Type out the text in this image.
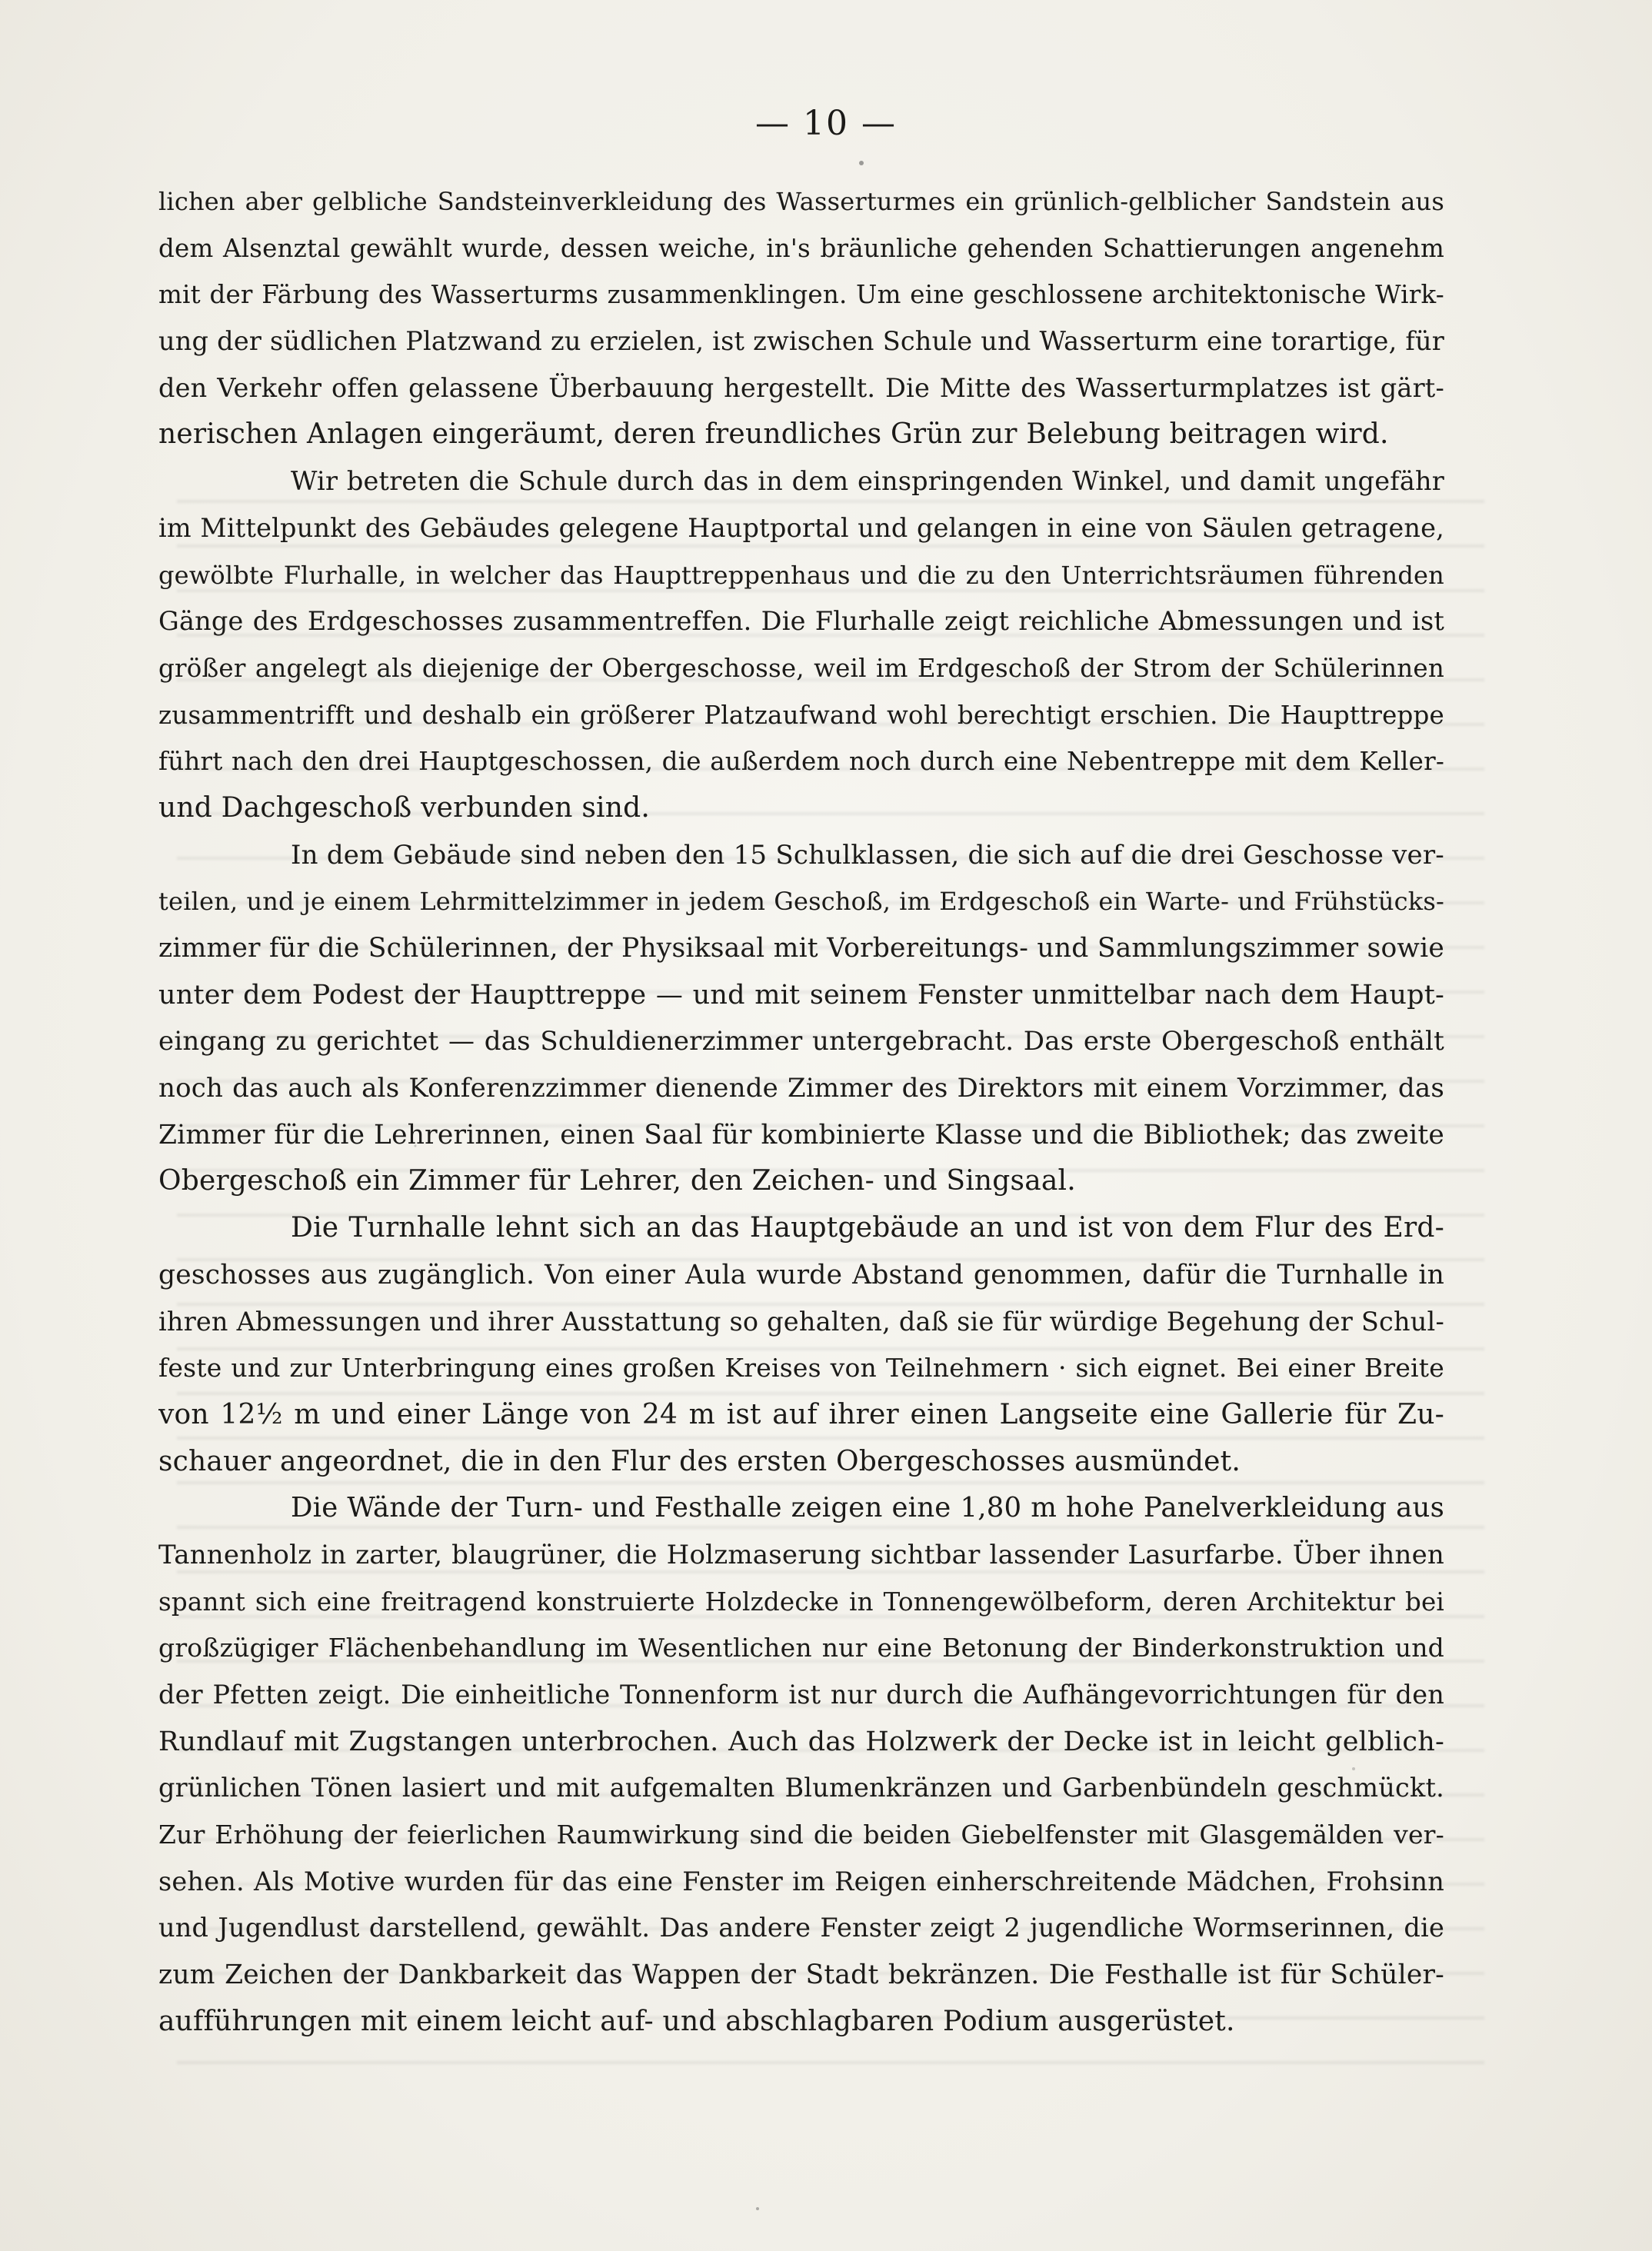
— 10 —
lichen aber gelbliche Sandsteinverkleidung des Wasserturmes ein grünlich-gelblicher Sandstein aus
dem Alsenztal gewählt wurde, dessen weiche, in's bräunliche gehenden Schattierungen angenehm
mit der Färbung des Wasserturms zusammenklingen. Um eine geschlossene architektonische Wirk-
ung der südlichen Platzwand zu erzielen, ist zwischen Schule und Wasserturm eine torartige, für
den Verkehr offen gelassene Überbauung hergestellt. Die Mitte des Wasserturmplatzes ist gärt-
nerischen Anlagen eingeräumt, deren freundliches Grün zur Belebung beitragen wird.
Wir betreten die Schule durch das in dem einspringenden Winkel, und damit ungefähr
im Mittelpunkt des Gebäudes gelegene Hauptportal und gelangen in eine von Säulen getragene,
gewölbte Flurhalle, in welcher das Haupttreppenhaus und die zu den Unterrichtsräumen führenden
Gänge des Erdgeschosses zusammentreffen. Die Flurhalle zeigt reichliche Abmessungen und ist
größer angelegt als diejenige der Obergeschosse, weil im Erdgeschoß der Strom der Schülerinnen
zusammentrifft und deshalb ein größerer Platzaufwand wohl berechtigt erschien. Die Haupttreppe
führt nach den drei Hauptgeschossen, die außerdem noch durch eine Nebentreppe mit dem Keller-
und Dachgeschoß verbunden sind.
In dem Gebäude sind neben den 15 Schulklassen, die sich auf die drei Geschosse ver-
teilen, und je einem Lehrmittelzimmer in jedem Geschoß, im Erdgeschoß ein Warte- und Frühstücks-
zimmer für die Schülerinnen, der Physiksaal mit Vorbereitungs- und Sammlungszimmer sowie
unter dem Podest der Haupttreppe — und mit seinem Fenster unmittelbar nach dem Haupt-
eingang zu gerichtet — das Schuldienerzimmer untergebracht. Das erste Obergeschoß enthält
noch das auch als Konferenzzimmer dienende Zimmer des Direktors mit einem Vorzimmer, das
Zimmer für die Lehrerinnen, einen Saal für kombinierte Klasse und die Bibliothek; das zweite
Obergeschoß ein Zimmer für Lehrer, den Zeichen- und Singsaal.
Die Turnhalle lehnt sich an das Hauptgebäude an und ist von dem Flur des Erd-
geschosses aus zugänglich. Von einer Aula wurde Abstand genommen, dafür die Turnhalle in
ihren Abmessungen und ihrer Ausstattung so gehalten, daß sie für würdige Begehung der Schul-
feste und zur Unterbringung eines großen Kreises von Teilnehmern · sich eignet. Bei einer Breite
von 12½ m und einer Länge von 24 m ist auf ihrer einen Langseite eine Gallerie für Zu-
schauer angeordnet, die in den Flur des ersten Obergeschosses ausmündet.
Die Wände der Turn- und Festhalle zeigen eine 1,80 m hohe Panelverkleidung aus
Tannenholz in zarter, blaugrüner, die Holzmaserung sichtbar lassender Lasurfarbe. Über ihnen
spannt sich eine freitragend konstruierte Holzdecke in Tonnengewölbeform, deren Architektur bei
großzügiger Flächenbehandlung im Wesentlichen nur eine Betonung der Binderkonstruktion und
der Pfetten zeigt. Die einheitliche Tonnenform ist nur durch die Aufhängevorrichtungen für den
Rundlauf mit Zugstangen unterbrochen. Auch das Holzwerk der Decke ist in leicht gelblich-
grünlichen Tönen lasiert und mit aufgemalten Blumenkränzen und Garbenbündeln geschmückt.
Zur Erhöhung der feierlichen Raumwirkung sind die beiden Giebelfenster mit Glasgemälden ver-
sehen. Als Motive wurden für das eine Fenster im Reigen einherschreitende Mädchen, Frohsinn
und Jugendlust darstellend, gewählt. Das andere Fenster zeigt 2 jugendliche Wormserinnen, die
zum Zeichen der Dankbarkeit das Wappen der Stadt bekränzen. Die Festhalle ist für Schüler-
aufführungen mit einem leicht auf- und abschlagbaren Podium ausgerüstet.
